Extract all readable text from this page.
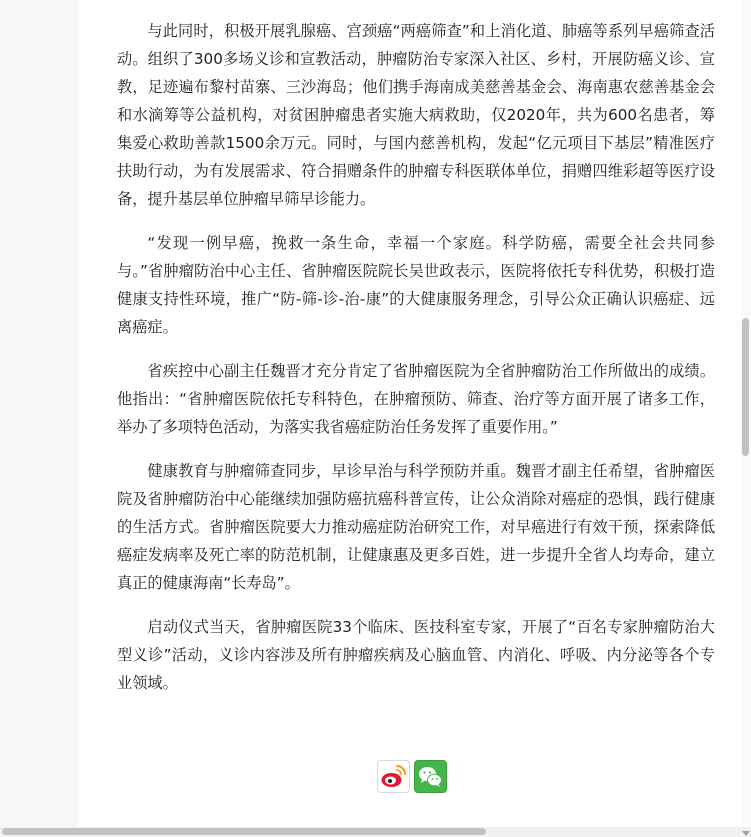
与此同时，积极开展乳腺癌、宫颈癌“两癌筛查”和上消化道、肺癌等系列早癌筛查活动。组织了300多场义诊和宣教活动，肿瘤防治专家深入社区、乡村，开展防癌义诊、宣教，足迹遍布黎村苗寨、三沙海岛；他们携手海南成美慈善基金会、海南惠农慈善基金会和水滴筹等公益机构，对贫困肿瘤患者实施大病救助，仅2020年，共为600名患者，筹集爱心救助善款1500余万元。同时，与国内慈善机构，发起“亿元项目下基层”精准医疗扶助行动，为有发展需求、符合捐赠条件的肿瘤专科医联体单位，捐赠四维彩超等医疗设备，提升基层单位肿瘤早筛早诊能力。

“发现一例早癌，挽救一条生命，幸福一个家庭。科学防癌，需要全社会共同参与。”省肿瘤防治中心主任、省肿瘤医院院长吴世政表示，医院将依托专科优势，积极打造健康支持性环境，推广“防-筛-诊-治-康”的大健康服务理念，引导公众正确认识癌症、远离癌症。

省疾控中心副主任魏晋才充分肯定了省肿瘤医院为全省肿瘤防治工作所做出的成绩。他指出：“省肿瘤医院依托专科特色，在肿瘤预防、筛查、治疗等方面开展了诸多工作，举办了多项特色活动，为落实我省癌症防治任务发挥了重要作用。”

健康教育与肿瘤筛查同步，早诊早治与科学预防并重。魏晋才副主任希望，省肿瘤医院及省肿瘤防治中心能继续加强防癌抗癌科普宣传，让公众消除对癌症的恐惧，践行健康的生活方式。省肿瘤医院要大力推动癌症防治研究工作，对早癌进行有效干预，探索降低癌症发病率及死亡率的防范机制，让健康惠及更多百姓，进一步提升全省人均寿命，建立真正的健康海南“长寿岛”。

启动仪式当天，省肿瘤医院33个临床、医技科室专家，开展了“百名专家肿瘤防治大型义诊”活动，义诊内容涉及所有肿瘤疾病及心脑血管、内消化、呼吸、内分泌等各个专业领域。
